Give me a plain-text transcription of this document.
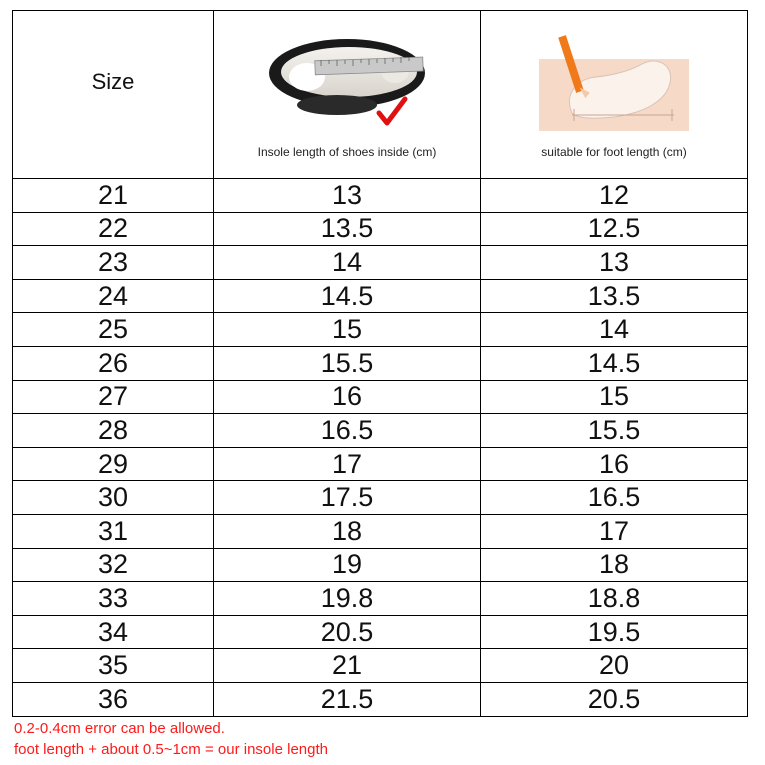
Size	Insole length of shoes inside (cm)	suitable for foot length (cm)

21	13	12
22	13.5	12.5
23	14	13
24	14.5	13.5
25	15	14
26	15.5	14.5
27	16	15
28	16.5	15.5
29	17	16
30	17.5	16.5
31	18	17
32	19	18
33	19.8	18.8
34	20.5	19.5
35	21	20
36	21.5	20.5
0.2-0.4cm error can be allowed.
foot length + about 0.5~1cm = our insole length
